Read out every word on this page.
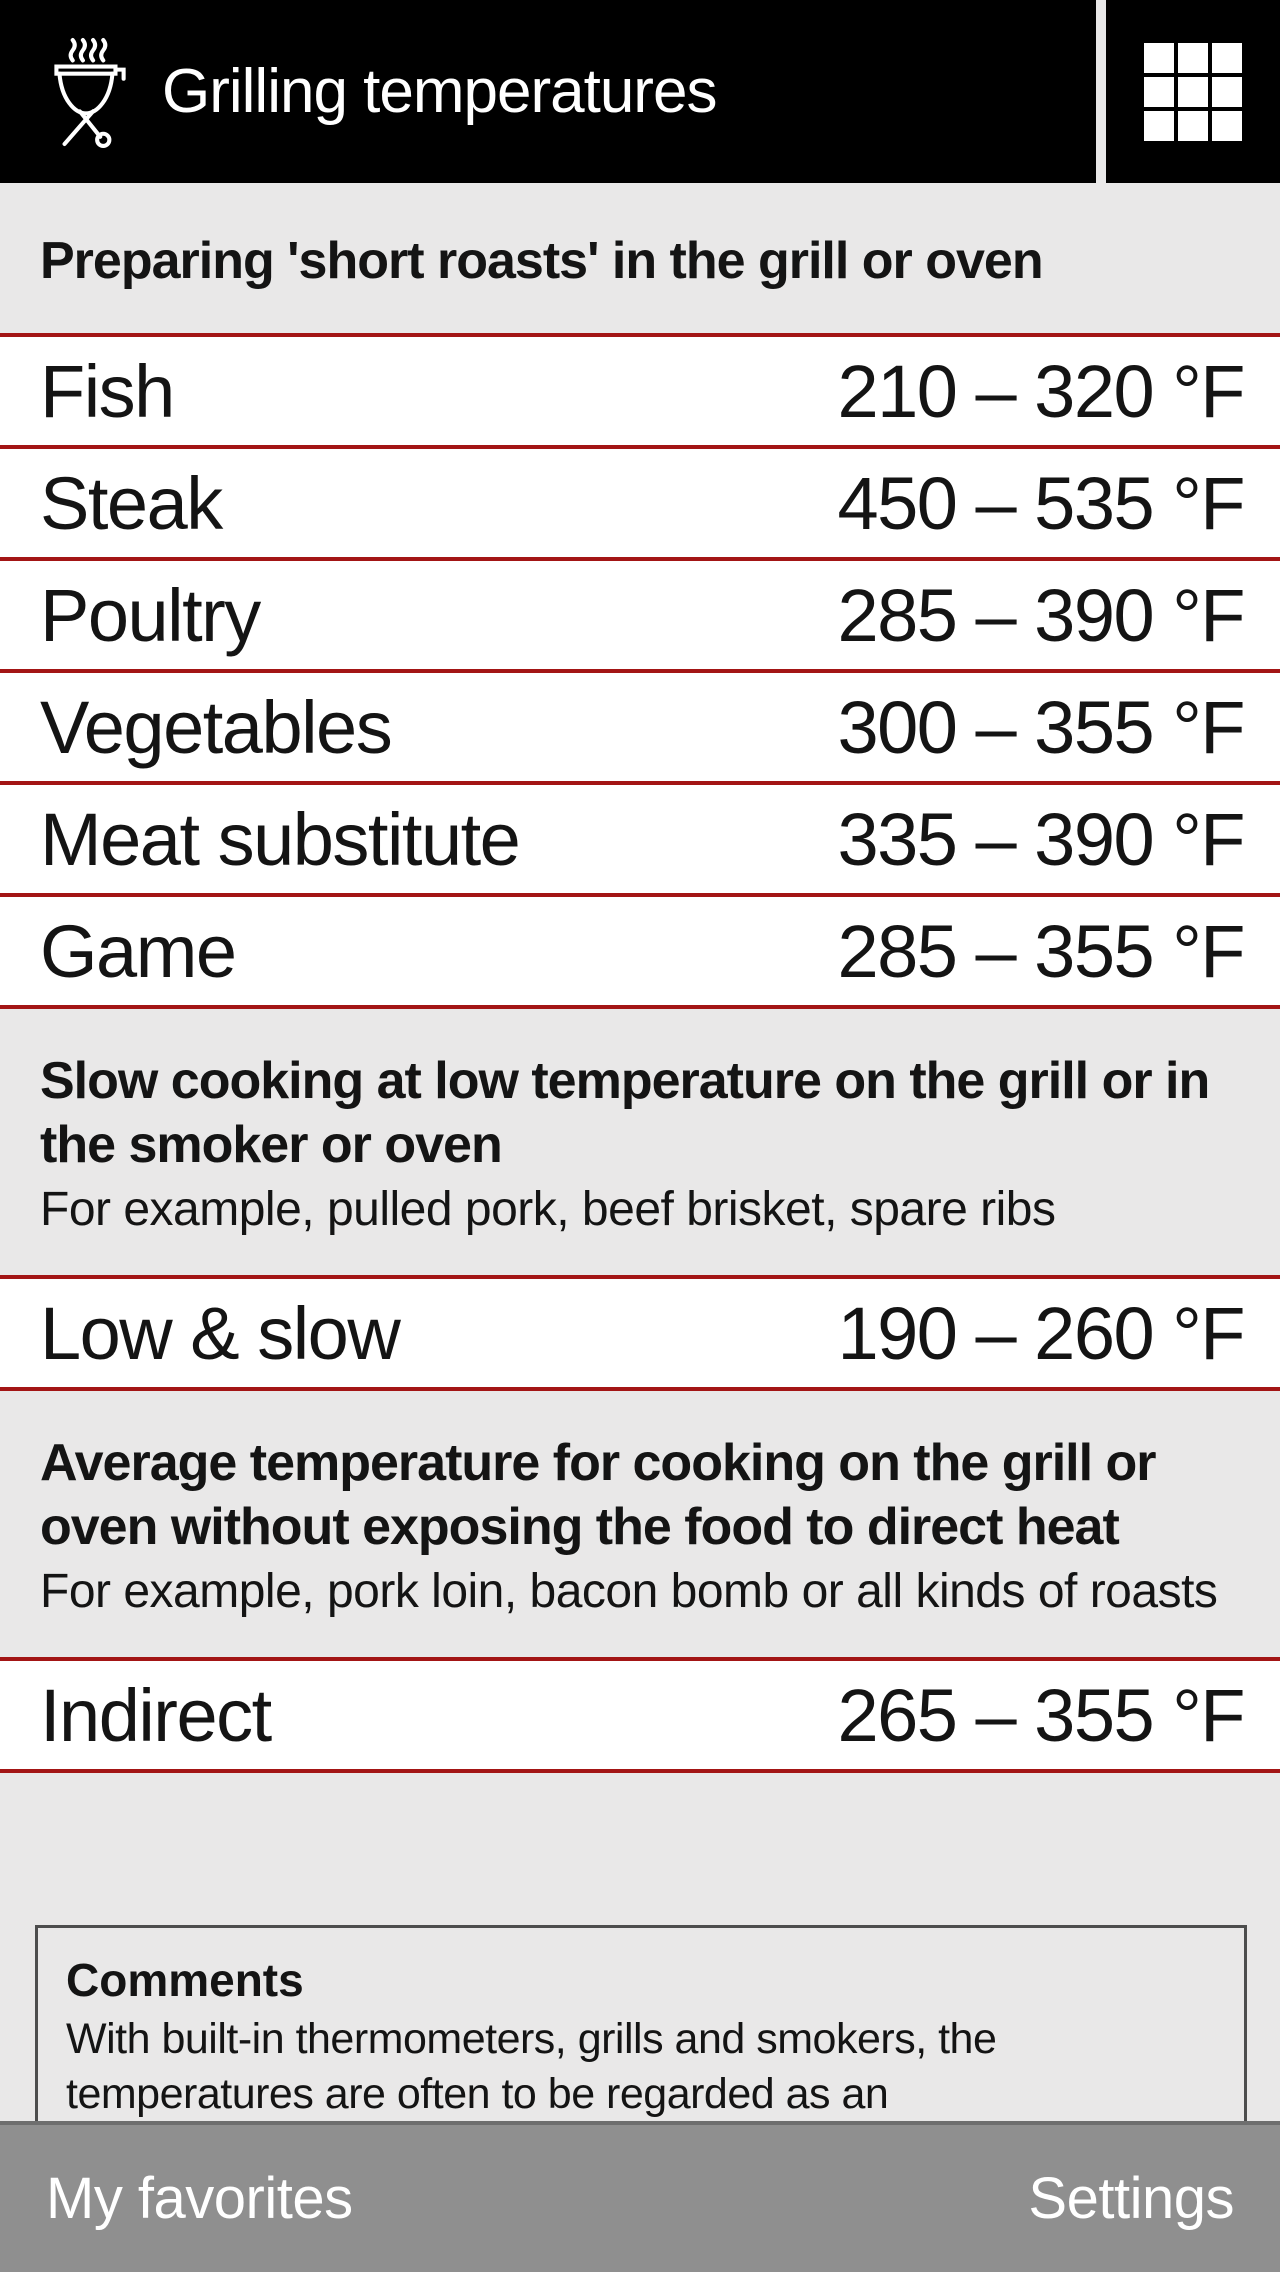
Grilling temperatures
Preparing 'short roasts' in the grill or oven
Fish	210 – 320 °F
Steak	450 – 535 °F
Poultry	285 – 390 °F
Vegetables	300 – 355 °F
Meat substitute	335 – 390 °F
Game	285 – 355 °F
Slow cooking at low temperature on the grill or in the smoker or oven
For example, pulled pork, beef brisket, spare ribs
Low & slow	190 – 260 °F
Average temperature for cooking on the grill or oven without exposing the food to direct heat
For example, pork loin, bacon bomb or all kinds of roasts
Indirect	265 – 355 °F
Comments
With built-in thermometers, grills and smokers, the temperatures are often to be regarded as an
My favorites	Settings
